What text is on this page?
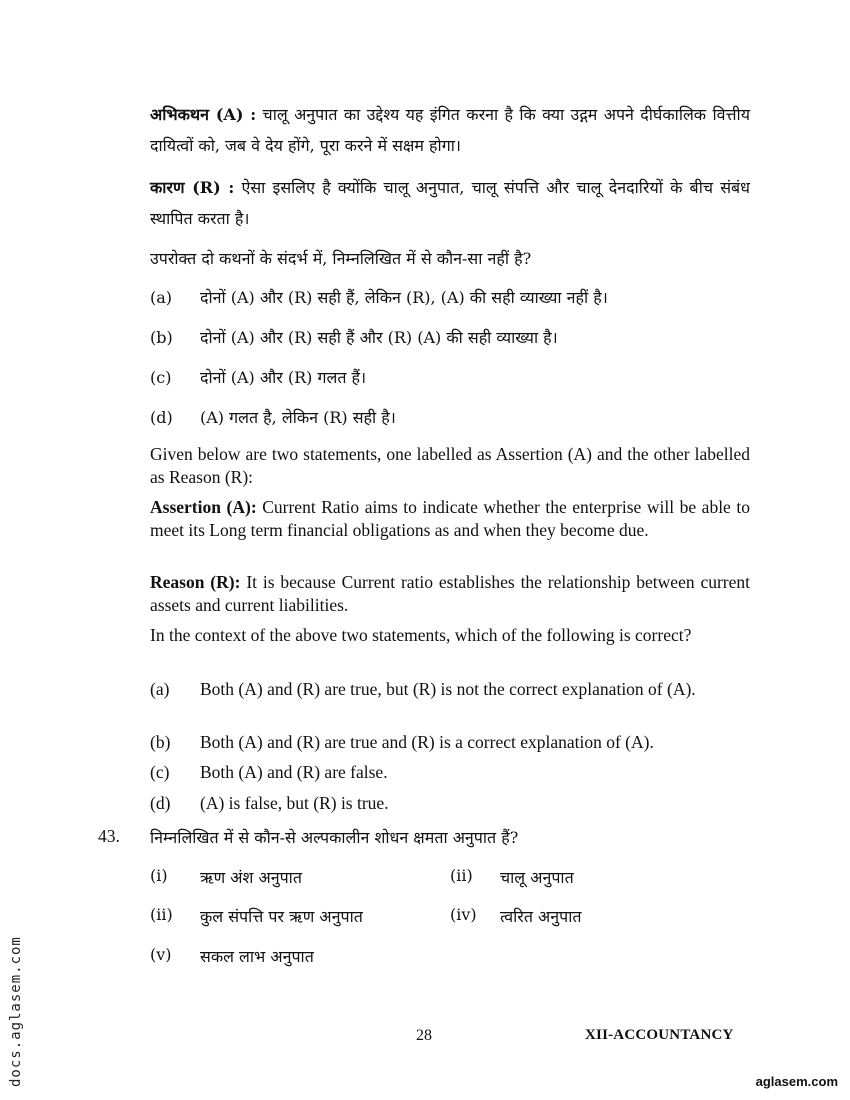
अभिकथन (A) : चालू अनुपात का उद्देश्य यह इंगित करना है कि क्या उद्गम अपने दीर्घकालिक वित्तीय दायित्वों को, जब वे देय होंगे, पूरा करने में सक्षम होगा।
कारण (R) : ऐसा इसलिए है क्योंकि चालू अनुपात, चालू संपत्ति और चालू देनदारियों के बीच संबंध स्थापित करता है।
उपरोक्त दो कथनों के संदर्भ में, निम्नलिखित में से कौन-सा नहीं है?
(a)	दोनों (A) और (R) सही हैं, लेकिन (R), (A) की सही व्याख्या नहीं है।
(b)	दोनों (A) और (R) सही हैं और (R) (A) की सही व्याख्या है।
(c)	दोनों (A) और (R) गलत हैं।
(d)	(A) गलत है, लेकिन (R) सही है।
Given below are two statements, one labelled as Assertion (A) and the other labelled as Reason (R):
Assertion (A): Current Ratio aims to indicate whether the enterprise will be able to meet its Long term financial obligations as and when they become due.
Reason (R): It is because Current ratio establishes the relationship between current assets and current liabilities.
In the context of the above two statements, which of the following is correct?
(a)	Both (A) and (R) are true, but (R) is not the correct explanation of (A).
(b)	Both (A) and (R) are true and (R) is a correct explanation of (A).
(c)	Both (A) and (R) are false.
(d)	(A) is false, but (R) is true.
43. निम्नलिखित में से कौन-से अल्पकालीन शोधन क्षमता अनुपात हैं?
(i)	ऋण अंश अनुपात	(ii)	चालू अनुपात
(ii)	कुल संपत्ति पर ऋण अनुपात	(iv)	त्वरित अनुपात
(v)	सकल लाभ अनुपात
28	XII-ACCOUNTANCY
docs.aglasem.com	aglasem.com
